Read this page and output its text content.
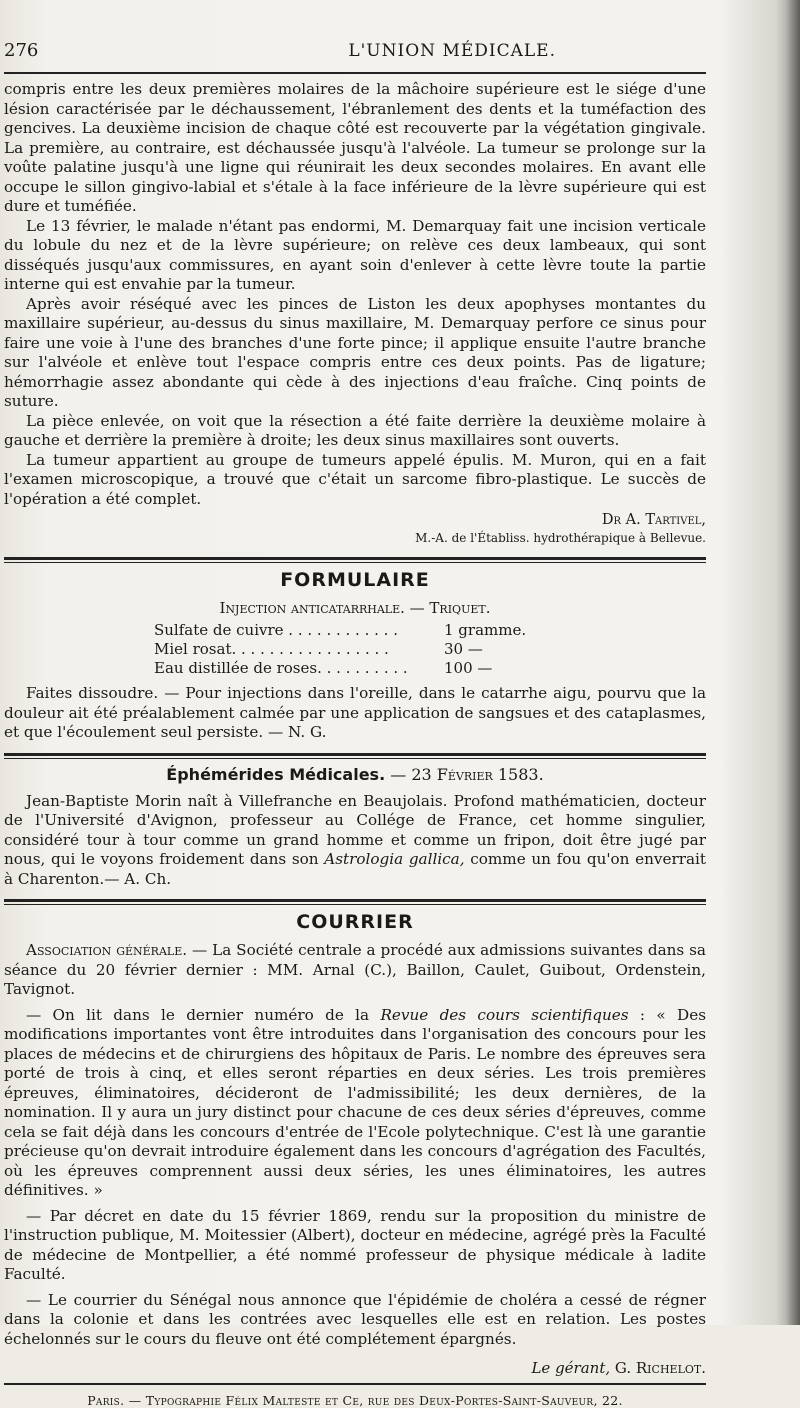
276	L'UNION MÉDICALE.

compris entre les deux premières molaires de la mâchoire supérieure est le siége d'une lésion caractérisée par le déchaussement, l'ébranlement des dents et la tuméfaction des gencives. La deuxième incision de chaque côté est recouverte par la végétation gingivale. La première, au contraire, est déchaussée jusqu'à l'alvéole. La tumeur se prolonge sur la voûte palatine jusqu'à une ligne qui réunirait les deux secondes molaires. En avant elle occupe le sillon gingivo-labial et s'étale à la face inférieure de la lèvre supérieure qui est dure et tuméfiée.

Le 13 février, le malade n'étant pas endormi, M. Demarquay fait une incision verticale du lobule du nez et de la lèvre supérieure; on relève ces deux lambeaux, qui sont disséqués jusqu'aux commissures, en ayant soin d'enlever à cette lèvre toute la partie interne qui est envahie par la tumeur.

Après avoir réséqué avec les pinces de Liston les deux apophyses montantes du maxillaire supérieur, au-dessus du sinus maxillaire, M. Demarquay perfore ce sinus pour faire une voie à l'une des branches d'une forte pince; il applique ensuite l'autre branche sur l'alvéole et enlève tout l'espace compris entre ces deux points. Pas de ligature; hémorrhagie assez abondante qui cède à des injections d'eau fraîche. Cinq points de suture.

La pièce enlevée, on voit que la résection a été faite derrière la deuxième molaire à gauche et derrière la première à droite; les deux sinus maxillaires sont ouverts.

La tumeur appartient au groupe de tumeurs appelé épulis. M. Muron, qui en a fait l'examen microscopique, a trouvé que c'était un sarcome fibro-plastique. Le succès de l'opération a été complet.

Dr A. Tartivel,
M.-A. de l'Établiss. hydrothérapique à Bellevue.
FORMULAIRE
Injection anticatarrhale. — Triquet.
Sulfate de cuivre . . . . . . . . . . . .	1 gramme.
Miel rosat. . . . . . . . . . . . . . . . .	30 —
Eau distillée de roses. . . . . . . . . .	100 —

Faites dissoudre. — Pour injections dans l'oreille, dans le catarrhe aigu, pourvu que la douleur ait été préalablement calmée par une application de sangsues et des cataplasmes, et que l'écoulement seul persiste. — N. G.

Éphémérides Médicales. — 23 Février 1583.

Jean-Baptiste Morin naît à Villefranche en Beaujolais. Profond mathématicien, docteur de l'Université d'Avignon, professeur au Collége de France, cet homme singulier, considéré tour à tour comme un grand homme et comme un fripon, doit être jugé par nous, qui le voyons froidement dans son Astrologia gallica, comme un fou qu'on enverrait à Charenton.— A. Ch.

COURRIER

Association générale. — La Société centrale a procédé aux admissions suivantes dans sa séance du 20 février dernier : MM. Arnal (C.), Baillon, Caulet, Guibout, Ordenstein, Tavignot.

— On lit dans le dernier numéro de la Revue des cours scientifiques : « Des modifications importantes vont être introduites dans l'organisation des concours pour les places de médecins et de chirurgiens des hôpitaux de Paris. Le nombre des épreuves sera porté de trois à cinq, et elles seront réparties en deux séries. Les trois premières épreuves, éliminatoires, décideront de l'admissibilité; les deux dernières, de la nomination. Il y aura un jury distinct pour chacune de ces deux séries d'épreuves, comme cela se fait déjà dans les concours d'entrée de l'Ecole polytechnique. C'est là une garantie précieuse qu'on devrait introduire également dans les concours d'agrégation des Facultés, où les épreuves comprennent aussi deux séries, les unes éliminatoires, les autres définitives. »

— Par décret en date du 15 février 1869, rendu sur la proposition du ministre de l'instruction publique, M. Moitessier (Albert), docteur en médecine, agrégé près la Faculté de médecine de Montpellier, a été nommé professeur de physique médicale à ladite Faculté.

— Le courrier du Sénégal nous annonce que l'épidémie de choléra a cessé de régner dans la colonie et dans les contrées avec lesquelles elle est en relation. Les postes échelonnés sur le cours du fleuve ont été complétement épargnés.

Le gérant, G. Richelot.
Paris. — Typographie Félix Malteste et Ce, rue des Deux-Portes-Saint-Sauveur, 22.
